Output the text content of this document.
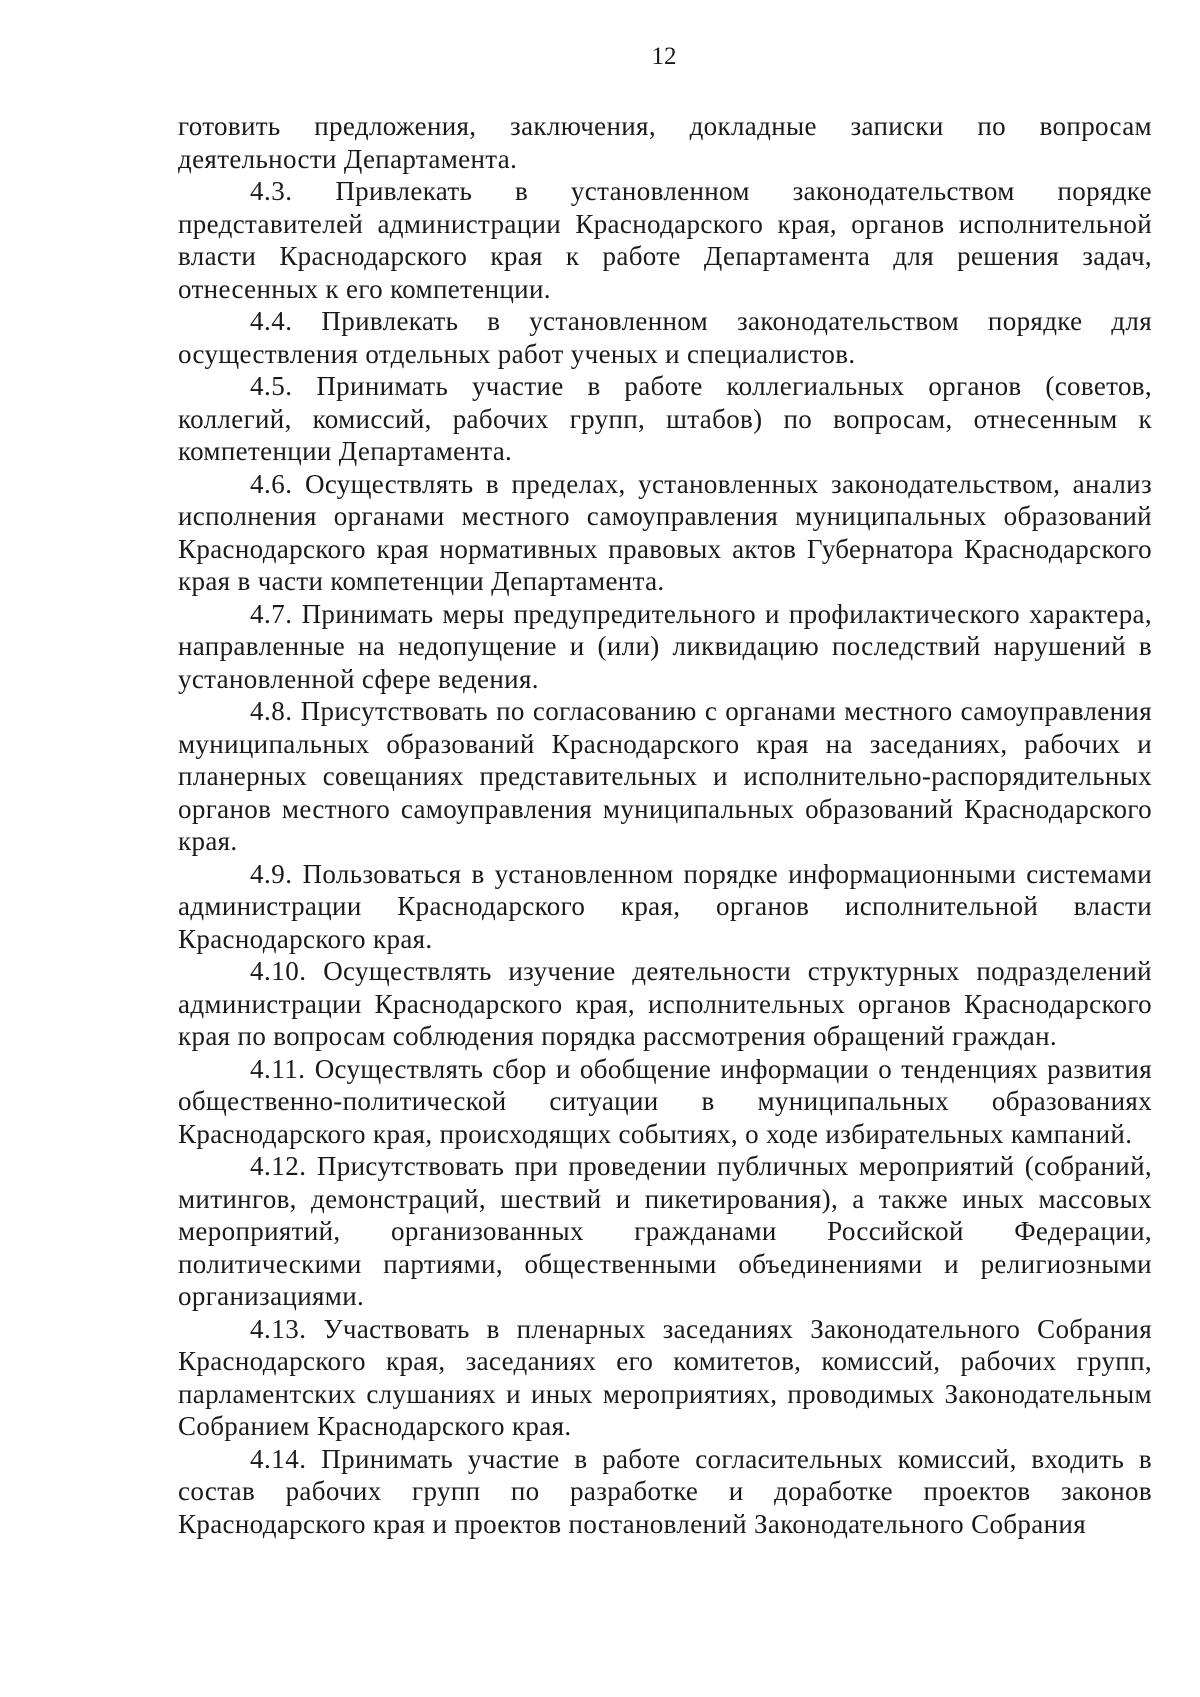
12

готовить предложения, заключения, докладные записки по вопросам деятельности Департамента.

4.3. Привлекать в установленном законодательством порядке представителей администрации Краснодарского края, органов исполнительной власти Краснодарского края к работе Департамента для решения задач, отнесенных к его компетенции.

4.4. Привлекать в установленном законодательством порядке для осуществления отдельных работ ученых и специалистов.

4.5. Принимать участие в работе коллегиальных органов (советов, коллегий, комиссий, рабочих групп, штабов) по вопросам, отнесенным к компетенции Департамента.

4.6. Осуществлять в пределах, установленных законодательством, анализ исполнения органами местного самоуправления муниципальных образований Краснодарского края нормативных правовых актов Губернатора Краснодарского края в части компетенции Департамента.

4.7. Принимать меры предупредительного и профилактического характера, направленные на недопущение и (или) ликвидацию последствий нарушений в установленной сфере ведения.

4.8. Присутствовать по согласованию с органами местного самоуправления муниципальных образований Краснодарского края на заседаниях, рабочих и планерных совещаниях представительных и исполнительно-распорядительных органов местного самоуправления муниципальных образований Краснодарского края.

4.9. Пользоваться в установленном порядке информационными системами администрации Краснодарского края, органов исполнительной власти Краснодарского края.

4.10. Осуществлять изучение деятельности структурных подразделений администрации Краснодарского края, исполнительных органов Краснодарского края по вопросам соблюдения порядка рассмотрения обращений граждан.

4.11. Осуществлять сбор и обобщение информации о тенденциях развития общественно-политической ситуации в муниципальных образованиях Краснодарского края, происходящих событиях, о ходе избирательных кампаний.

4.12. Присутствовать при проведении публичных мероприятий (собраний, митингов, демонстраций, шествий и пикетирования), а также иных массовых мероприятий, организованных гражданами Российской Федерации, политическими партиями, общественными объединениями и религиозными организациями.

4.13. Участвовать в пленарных заседаниях Законодательного Собрания Краснодарского края, заседаниях его комитетов, комиссий, рабочих групп, парламентских слушаниях и иных мероприятиях, проводимых Законодательным Собранием Краснодарского края.

4.14. Принимать участие в работе согласительных комиссий, входить в состав рабочих групп по разработке и доработке проектов законов Краснодарского края и проектов постановлений Законодательного Собрания
